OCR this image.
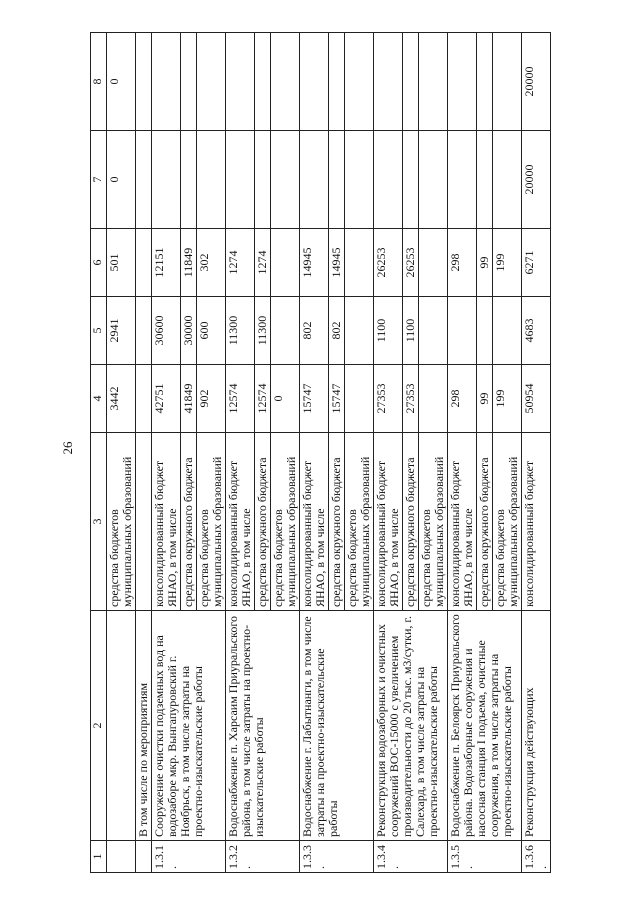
26
1	2	3	4	5	6	7	8
		средства бюджетов муниципальных образований	3442	2941	501	0	0
	В том числе по мероприятиям						
1.3.1.	Сооружение очистки подземных вод на водозаборе мкр. Вынгапуровский г. Ноябрьск, в том числе затраты на проектно-изыскательские работы	консолидированный бюджет ЯНАО, в том числе	42751	30600	12151		
		средства окружного бюджета	41849	30000	11849		
		средства бюджетов муниципальных образований	902	600	302		
1.3.2.	Водоснабжение п. Харсаим Приуральского района, в том числе затраты на проектно-изыскательские работы	консолидированный бюджет ЯНАО, в том числе	12574	11300	1274		
		средства окружного бюджета	12574	11300	1274		
		средства бюджетов муниципальных образований	0				
1.3.3.	Водоснабжение г. Лабытнанги, в том числе затраты на проектно-изыскательские работы	консолидированный бюджет ЯНАО, в том числе	15747	802	14945		
		средства окружного бюджета	15747	802	14945		
		средства бюджетов муниципальных образований					
1.3.4.	Реконструкция водозаборных и очистных сооружений ВОС-15000 с увеличением производительности до 20 тыс. м3/сутки, г. Салехард, в том числе затраты на проектно-изыскательские работы	консолидированный бюджет ЯНАО, в том числе	27353	1100	26253		
		средства окружного бюджета	27353	1100	26253		
		средства бюджетов муниципальных образований					
1.3.5.	Водоснабжение п. Белоярск Приуральского района. Водозаборные сооружения и насосная станция I подъема, очистные сооружения, в том числе затраты на проектно-изыскательские работы	консолидированный бюджет ЯНАО, в том числе	298		298		
		средства окружного бюджета	99		99		
		средства бюджетов муниципальных образований	199		199		
1.3.6.	Реконструкция действующих	консолидированный бюджет	50954	4683	6271	20000	20000
